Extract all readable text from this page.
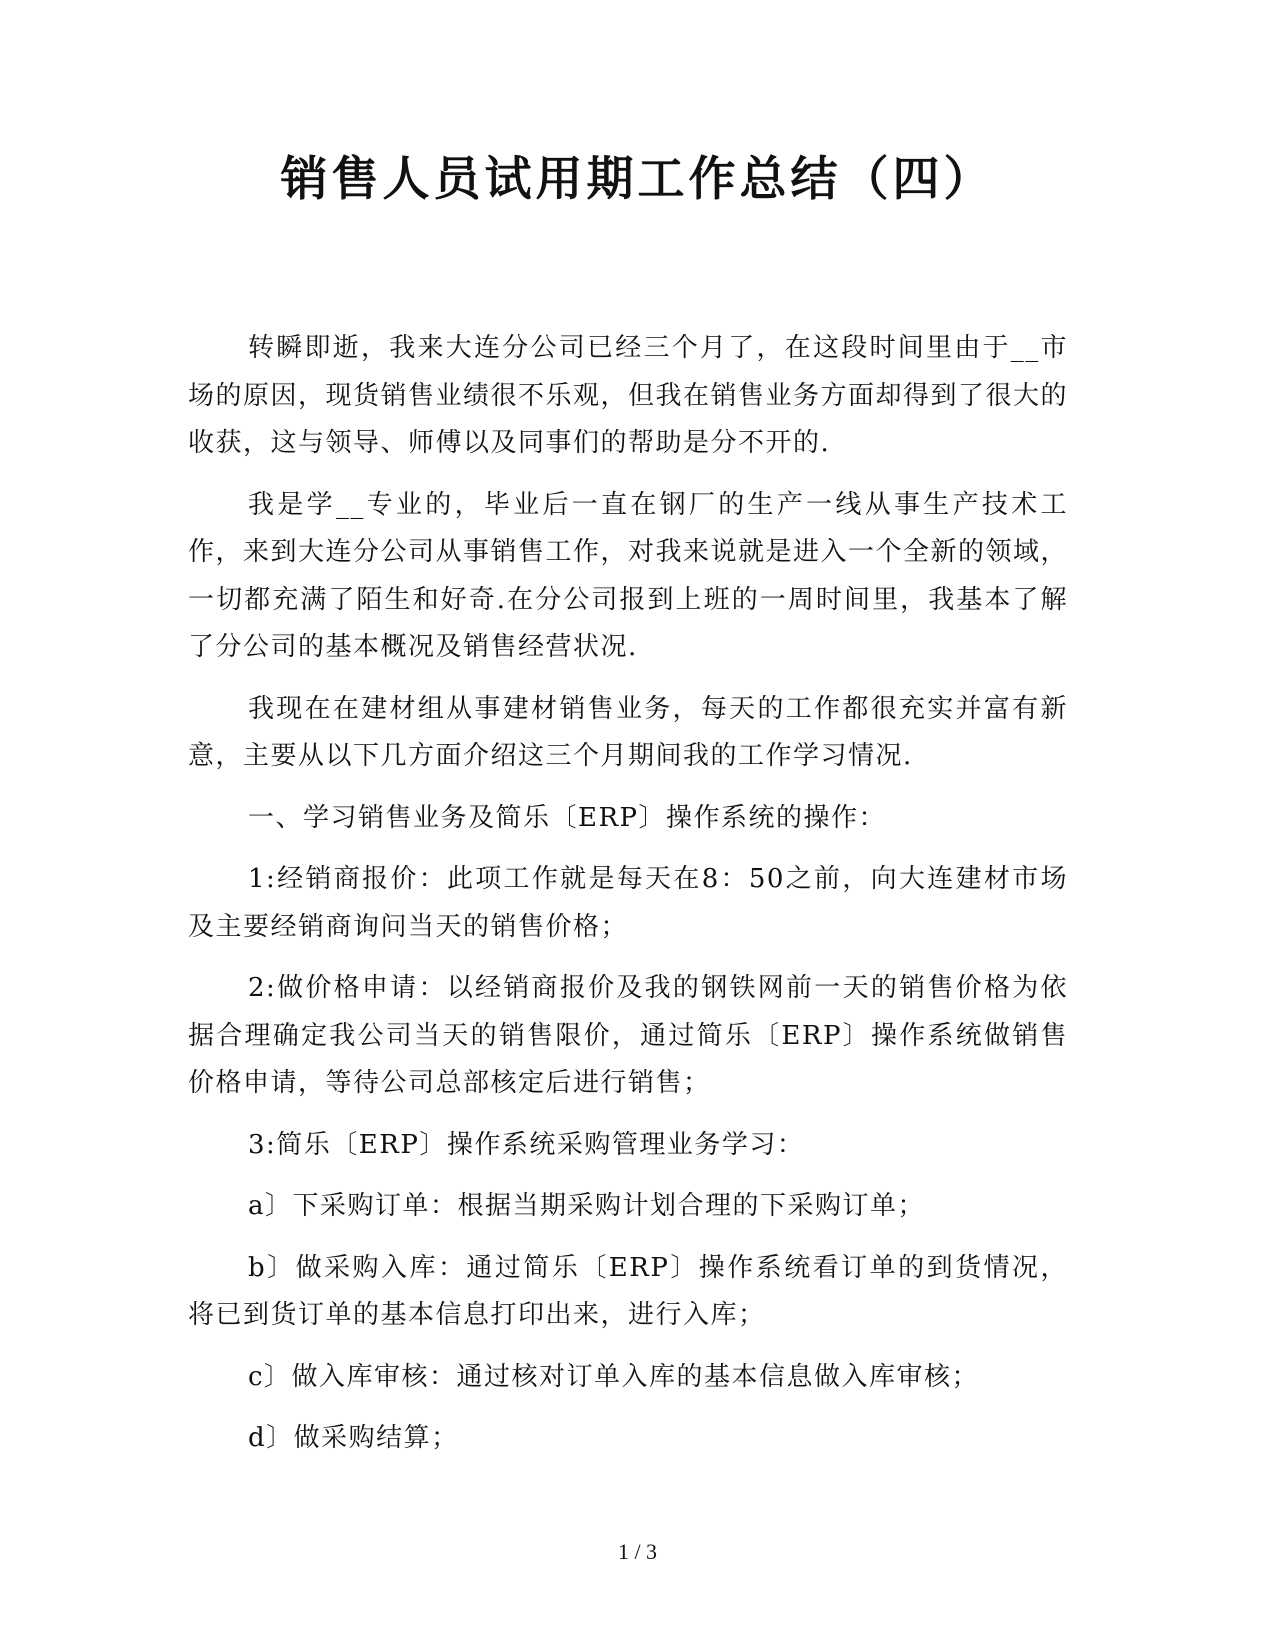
销售人员试用期工作总结（四）

转瞬即逝，我来大连分公司已经三个月了，在这段时间里由于__市场的原因，现货销售业绩很不乐观，但我在销售业务方面却得到了很大的收获，这与领导、师傅以及同事们的帮助是分不开的.

我是学__专业的，毕业后一直在钢厂的生产一线从事生产技术工作，来到大连分公司从事销售工作，对我来说就是进入一个全新的领域，一切都充满了陌生和好奇.在分公司报到上班的一周时间里，我基本了解了分公司的基本概况及销售经营状况.

我现在在建材组从事建材销售业务，每天的工作都很充实并富有新意，主要从以下几方面介绍这三个月期间我的工作学习情况.

一、学习销售业务及简乐〔ERP〕操作系统的操作：

1:经销商报价：此项工作就是每天在8：50之前，向大连建材市场及主要经销商询问当天的销售价格；

2:做价格申请：以经销商报价及我的钢铁网前一天的销售价格为依据合理确定我公司当天的销售限价，通过简乐〔ERP〕操作系统做销售价格申请，等待公司总部核定后进行销售；

3:简乐〔ERP〕操作系统采购管理业务学习：

a〕下采购订单：根据当期采购计划合理的下采购订单；

b〕做采购入库：通过简乐〔ERP〕操作系统看订单的到货情况，将已到货订单的基本信息打印出来，进行入库；

c〕做入库审核：通过核对订单入库的基本信息做入库审核；

d〕做采购结算；

1 / 3
